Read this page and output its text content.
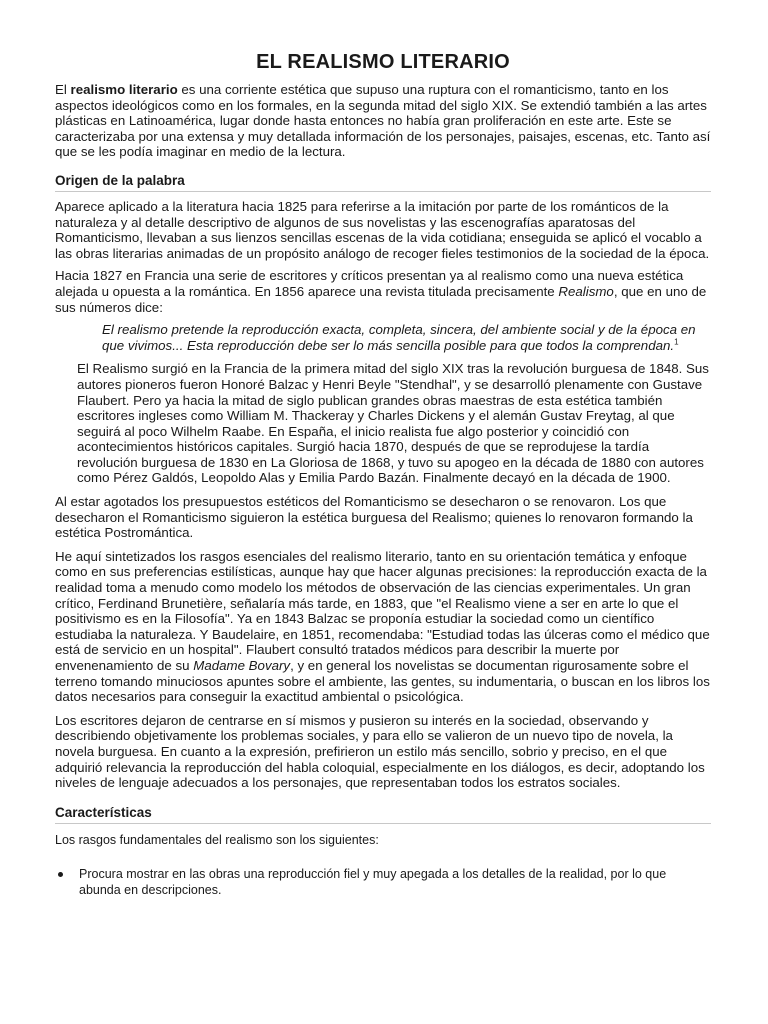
EL REALISMO LITERARIO

El realismo literario es una corriente estética que supuso una ruptura con el romanticismo, tanto en los aspectos ideológicos como en los formales, en la segunda mitad del siglo XIX. Se extendió también a las artes plásticas en Latinoamérica, lugar donde hasta entonces no había gran proliferación en este arte. Este se caracterizaba por una extensa y muy detallada información de los personajes, paisajes, escenas, etc. Tanto así que se les podía imaginar en medio de la lectura.

Origen de la palabra

Aparece aplicado a la literatura hacia 1825 para referirse a la imitación por parte de los románticos de la naturaleza y al detalle descriptivo de algunos de sus novelistas y las escenografías aparatosas del Romanticismo, llevaban a sus lienzos sencillas escenas de la vida cotidiana; enseguida se aplicó el vocablo a las obras literarias animadas de un propósito análogo de recoger fieles testimonios de la sociedad de la época.

Hacia 1827 en Francia una serie de escritores y críticos presentan ya al realismo como una nueva estética alejada u opuesta a la romántica. En 1856 aparece una revista titulada precisamente Realismo, que en uno de sus números dice:

El realismo pretende la reproducción exacta, completa, sincera, del ambiente social y de la época en que vivimos... Esta reproducción debe ser lo más sencilla posible para que todos la comprendan.$^1$

El Realismo surgió en la Francia de la primera mitad del siglo XIX tras la revolución burguesa de 1848. Sus autores pioneros fueron Honoré Balzac y Henri Beyle "Stendhal", y se desarrolló plenamente con Gustave Flaubert. Pero ya hacia la mitad de siglo publican grandes obras maestras de esta estética también escritores ingleses como William M. Thackeray y Charles Dickens y el alemán Gustav Freytag, al que seguirá al poco Wilhelm Raabe. En España, el inicio realista fue algo posterior y coincidió con acontecimientos históricos capitales. Surgió hacia 1870, después de que se reprodujese la tardía revolución burguesa de 1830 en La Gloriosa de 1868, y tuvo su apogeo en la década de 1880 con autores como Pérez Galdós, Leopoldo Alas y Emilia Pardo Bazán. Finalmente decayó en la década de 1900.

Al estar agotados los presupuestos estéticos del Romanticismo se desecharon o se renovaron. Los que desecharon el Romanticismo siguieron la estética burguesa del Realismo; quienes lo renovaron formando la estética Postromántica.

He aquí sintetizados los rasgos esenciales del realismo literario, tanto en su orientación temática y enfoque como en sus preferencias estilísticas, aunque hay que hacer algunas precisiones: la reproducción exacta de la realidad toma a menudo como modelo los métodos de observación de las ciencias experimentales. Un gran crítico, Ferdinand Brunetière, señalaría más tarde, en 1883, que "el Realismo viene a ser en arte lo que el positivismo es en la Filosofía". Ya en 1843 Balzac se proponía estudiar la sociedad como un científico estudiaba la naturaleza. Y Baudelaire, en 1851, recomendaba: "Estudiad todas las úlceras como el médico que está de servicio en un hospital". Flaubert consultó tratados médicos para describir la muerte por envenenamiento de su Madame Bovary, y en general los novelistas se documentan rigurosamente sobre el terreno tomando minuciosos apuntes sobre el ambiente, las gentes, su indumentaria, o buscan en los libros los datos necesarios para conseguir la exactitud ambiental o psicológica.

Los escritores dejaron de centrarse en sí mismos y pusieron su interés en la sociedad, observando y describiendo objetivamente los problemas sociales, y para ello se valieron de un nuevo tipo de novela, la novela burguesa. En cuanto a la expresión, prefirieron un estilo más sencillo, sobrio y preciso, en el que adquirió relevancia la reproducción del habla coloquial, especialmente en los diálogos, es decir, adoptando los niveles de lenguaje adecuados a los personajes, que representaban todos los estratos sociales.

Características

Los rasgos fundamentales del realismo son los siguientes:

Procura mostrar en las obras una reproducción fiel y muy apegada a los detalles de la realidad, por lo que abunda en descripciones.
